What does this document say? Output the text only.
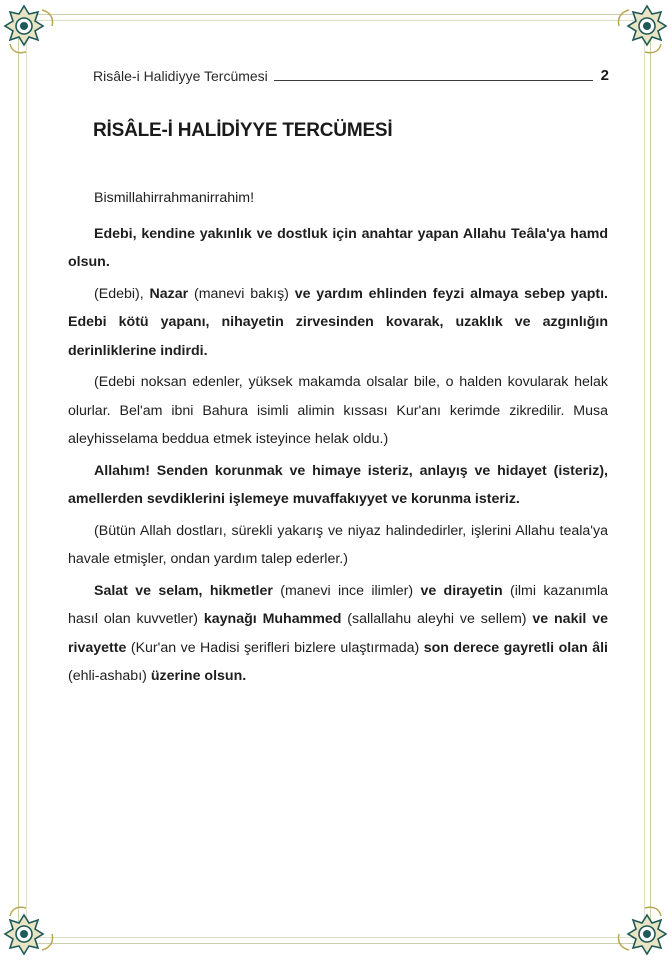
Risâle-i Halidiyye Tercümesi	2
RİSÂLE-İ HALİDİYYE TERCÜMESİ

Bismillahirrahmanirrahim!

Edebi, kendine yakınlık ve dostluk için anahtar yapan Allahu Teâla'ya hamd olsun.

(Edebi), Nazar (manevi bakış) ve yardım ehlinden feyzi almaya sebep yaptı. Edebi kötü yapanı, nihayetin zirvesinden kovarak, uzaklık ve azgınlığın derinliklerine indirdi.

(Edebi noksan edenler, yüksek makamda olsalar bile, o halden kovularak helak olurlar. Bel'am ibni Bahura isimli alimin kıssası Kur'anı kerimde zikredilir. Musa aleyhisselama beddua etmek isteyince helak oldu.)

Allahım! Senden korunmak ve himaye isteriz, anlayış ve hidayet (isteriz), amellerden sevdiklerini işlemeye muvaffakıyyet ve korunma isteriz.

(Bütün Allah dostları, sürekli yakarış ve niyaz halindedirler, işlerini Allahu teala'ya havale etmişler, ondan yardım talep ederler.)

Salat ve selam, hikmetler (manevi ince ilimler) ve dirayetin (ilmi kazanımla hasıl olan kuvvetler) kaynağı Muhammed (sallallahu aleyhi ve sellem) ve nakil ve rivayette (Kur'an ve Hadisi şerifleri bizlere ulaştırmada) son derece gayretli olan âli (ehli-ashabı) üzerine olsun.
